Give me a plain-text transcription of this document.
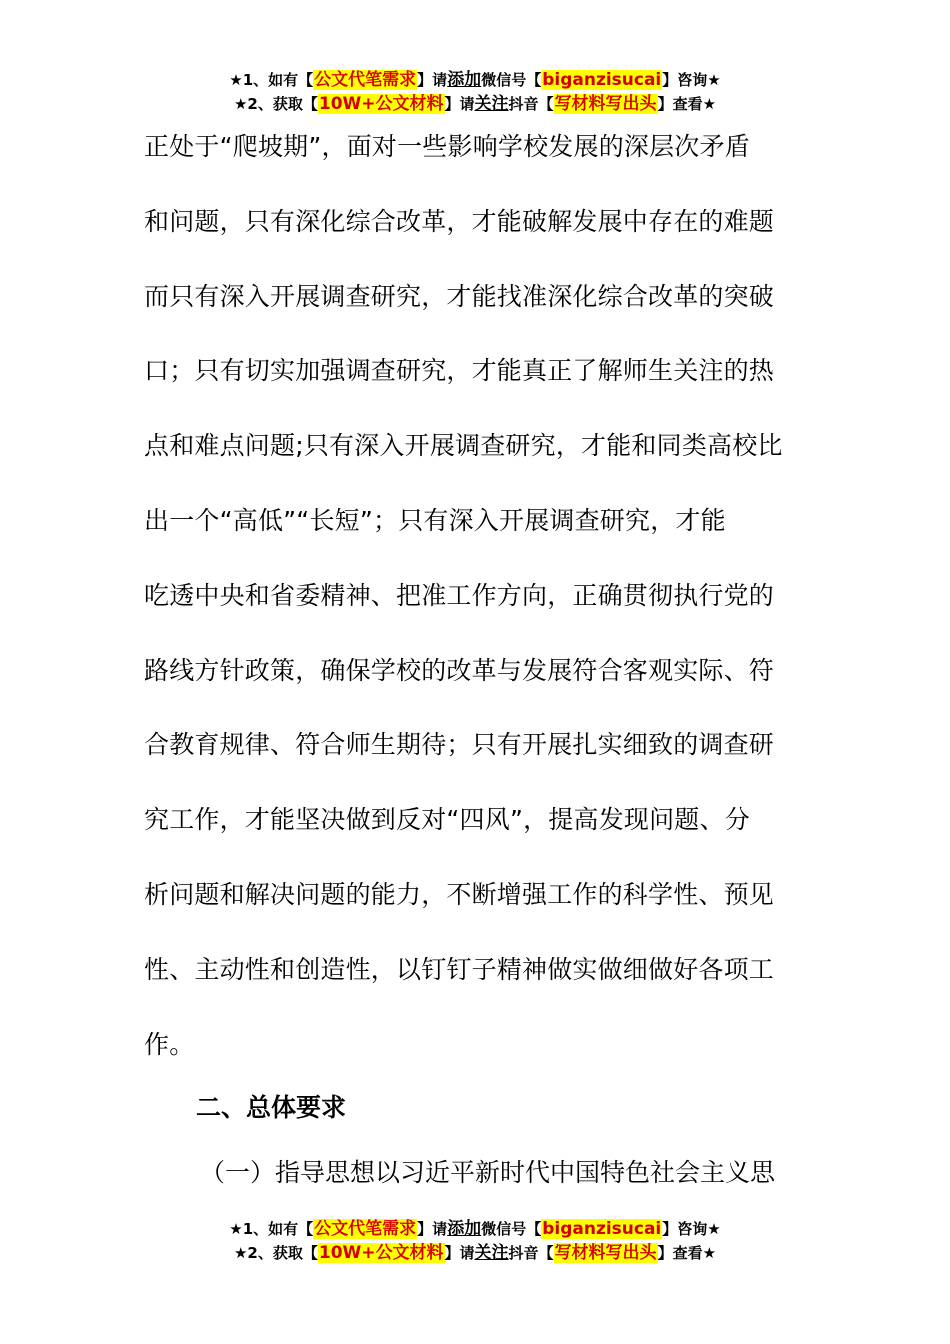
★1、如有【公文代笔需求】请添加微信号【biganzisucai】咨询★
★2、获取【10W+公文材料】请关注抖音【写材料写出头】查看★
正处于“爬坡期”，面对一些影响学校发展的深层次矛盾
和问题，只有深化综合改革，才能破解发展中存在的难题
而只有深入开展调查研究，才能找准深化综合改革的突破
口；只有切实加强调查研究，才能真正了解师生关注的热
点和难点问题;只有深入开展调查研究，才能和同类高校比
出一个“高低”“长短”；只有深入开展调查研究，才能
吃透中央和省委精神、把准工作方向，正确贯彻执行党的
路线方针政策，确保学校的改革与发展符合客观实际、符
合教育规律、符合师生期待；只有开展扎实细致的调查研
究工作，才能坚决做到反对“四风”，提高发现问题、分
析问题和解决问题的能力，不断增强工作的科学性、预见
性、主动性和创造性，以钉钉子精神做实做细做好各项工
作。
二、总体要求
（一）指导思想以习近平新时代中国特色社会主义思
★1、如有【公文代笔需求】请添加微信号【biganzisucai】咨询★
★2、获取【10W+公文材料】请关注抖音【写材料写出头】查看★
